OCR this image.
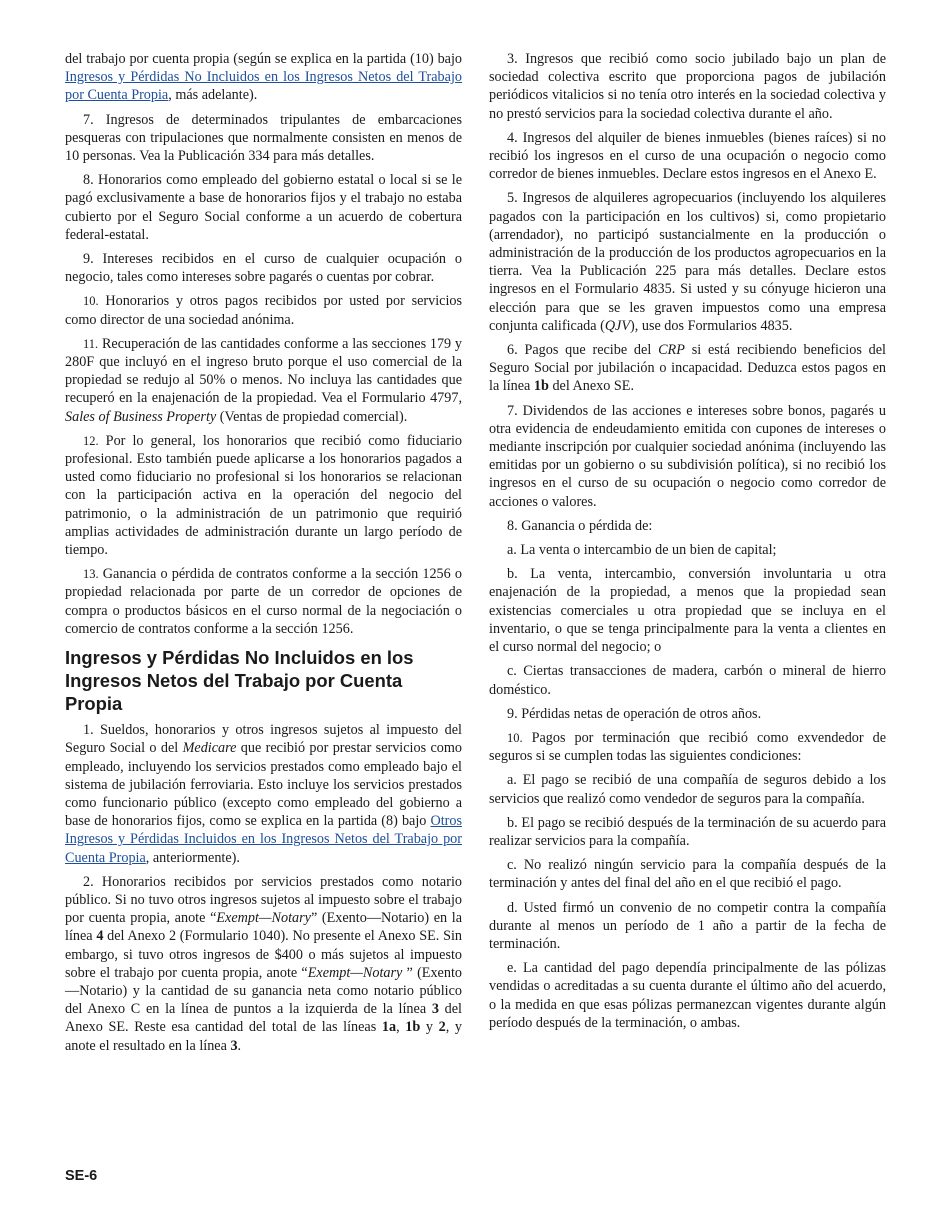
del trabajo por cuenta propia (según se explica en la partida (10) bajo Ingresos y Pérdidas No Incluidos en los Ingresos Netos del Trabajo por Cuenta Propia, más adelante).

7. Ingresos de determinados tripulantes de embarcaciones pesqueras con tripulaciones que normalmente consisten en menos de 10 personas. Vea la Publicación 334 para más detalles.

8. Honorarios como empleado del gobierno estatal o local si se le pagó exclusivamente a base de honorarios fijos y el trabajo no estaba cubierto por el Seguro Social conforme a un acuerdo de cobertura federal-estatal.

9. Intereses recibidos en el curso de cualquier ocupación o negocio, tales como intereses sobre pagarés o cuentas por cobrar.

10. Honorarios y otros pagos recibidos por usted por servicios como director de una sociedad anónima.

11. Recuperación de las cantidades conforme a las secciones 179 y 280F que incluyó en el ingreso bruto porque el uso comercial de la propiedad se redujo al 50% o menos. No incluya las cantidades que recuperó en la enajenación de la propiedad. Vea el Formulario 4797, Sales of Business Property (Ventas de propiedad comercial).

12. Por lo general, los honorarios que recibió como fiduciario profesional. Esto también puede aplicarse a los honorarios pagados a usted como fiduciario no profesional si los honorarios se relacionan con la participación activa en la operación del negocio del patrimonio, o la administración de un patrimonio que requirió amplias actividades de administración durante un largo período de tiempo.

13. Ganancia o pérdida de contratos conforme a la sección 1256 o propiedad relacionada por parte de un corredor de opciones de compra o productos básicos en el curso normal de la negociación o comercio de contratos conforme a la sección 1256.

Ingresos y Pérdidas No Incluidos en los Ingresos Netos del Trabajo por Cuenta Propia

1. Sueldos, honorarios y otros ingresos sujetos al impuesto del Seguro Social o del Medicare que recibió por prestar servicios como empleado, incluyendo los servicios prestados como empleado bajo el sistema de jubilación ferroviaria. Esto incluye los servicios prestados como funcionario público (excepto como empleado del gobierno a base de honorarios fijos, como se explica en la partida (8) bajo Otros Ingresos y Pérdidas Incluidos en los Ingresos Netos del Trabajo por Cuenta Propia, anteriormente).

2. Honorarios recibidos por servicios prestados como notario público. Si no tuvo otros ingresos sujetos al impuesto sobre el trabajo por cuenta propia, anote “Exempt—Notary” (Exento—Notario) en la línea 4 del Anexo 2 (Formulario 1040). No presente el Anexo SE. Sin embargo, si tuvo otros ingresos de $400 o más sujetos al impuesto sobre el trabajo por cuenta propia, anote “Exempt—Notary ” (Exento—Notario) y la cantidad de su ganancia neta como notario público del Anexo C en la línea de puntos a la izquierda de la línea 3 del Anexo SE. Reste esa cantidad del total de las líneas 1a, 1b y 2, y anote el resultado en la línea 3.

3. Ingresos que recibió como socio jubilado bajo un plan de sociedad colectiva escrito que proporciona pagos de jubilación periódicos vitalicios si no tenía otro interés en la sociedad colectiva y no prestó servicios para la sociedad colectiva durante el año.

4. Ingresos del alquiler de bienes inmuebles (bienes raíces) si no recibió los ingresos en el curso de una ocupación o negocio como corredor de bienes inmuebles. Declare estos ingresos en el Anexo E.

5. Ingresos de alquileres agropecuarios (incluyendo los alquileres pagados con la participación en los cultivos) si, como propietario (arrendador), no participó sustancialmente en la producción o administración de la producción de los productos agropecuarios en la tierra. Vea la Publicación 225 para más detalles. Declare estos ingresos en el Formulario 4835. Si usted y su cónyuge hicieron una elección para que se les graven impuestos como una empresa conjunta calificada (QJV), use dos Formularios 4835.

6. Pagos que recibe del CRP si está recibiendo beneficios del Seguro Social por jubilación o incapacidad. Deduzca estos pagos en la línea 1b del Anexo SE.

7. Dividendos de las acciones e intereses sobre bonos, pagarés u otra evidencia de endeudamiento emitida con cupones de intereses o mediante inscripción por cualquier sociedad anónima (incluyendo las emitidas por un gobierno o su subdivisión política), si no recibió los ingresos en el curso de su ocupación o negocio como corredor de acciones o valores.

8. Ganancia o pérdida de:

a. La venta o intercambio de un bien de capital;

b. La venta, intercambio, conversión involuntaria u otra enajenación de la propiedad, a menos que la propiedad sean existencias comerciales u otra propiedad que se incluya en el inventario, o que se tenga principalmente para la venta a clientes en el curso normal del negocio; o

c. Ciertas transacciones de madera, carbón o mineral de hierro doméstico.

9. Pérdidas netas de operación de otros años.

10. Pagos por terminación que recibió como exvendedor de seguros si se cumplen todas las siguientes condiciones:

a. El pago se recibió de una compañía de seguros debido a los servicios que realizó como vendedor de seguros para la compañía.

b. El pago se recibió después de la terminación de su acuerdo para realizar servicios para la compañía.

c. No realizó ningún servicio para la compañía después de la terminación y antes del final del año en el que recibió el pago.

d. Usted firmó un convenio de no competir contra la compañía durante al menos un período de 1 año a partir de la fecha de terminación.

e. La cantidad del pago dependía principalmente de las pólizas vendidas o acreditadas a su cuenta durante el último año del acuerdo, o la medida en que esas pólizas permanezcan vigentes durante algún período después de la terminación, o ambas.

SE-6
